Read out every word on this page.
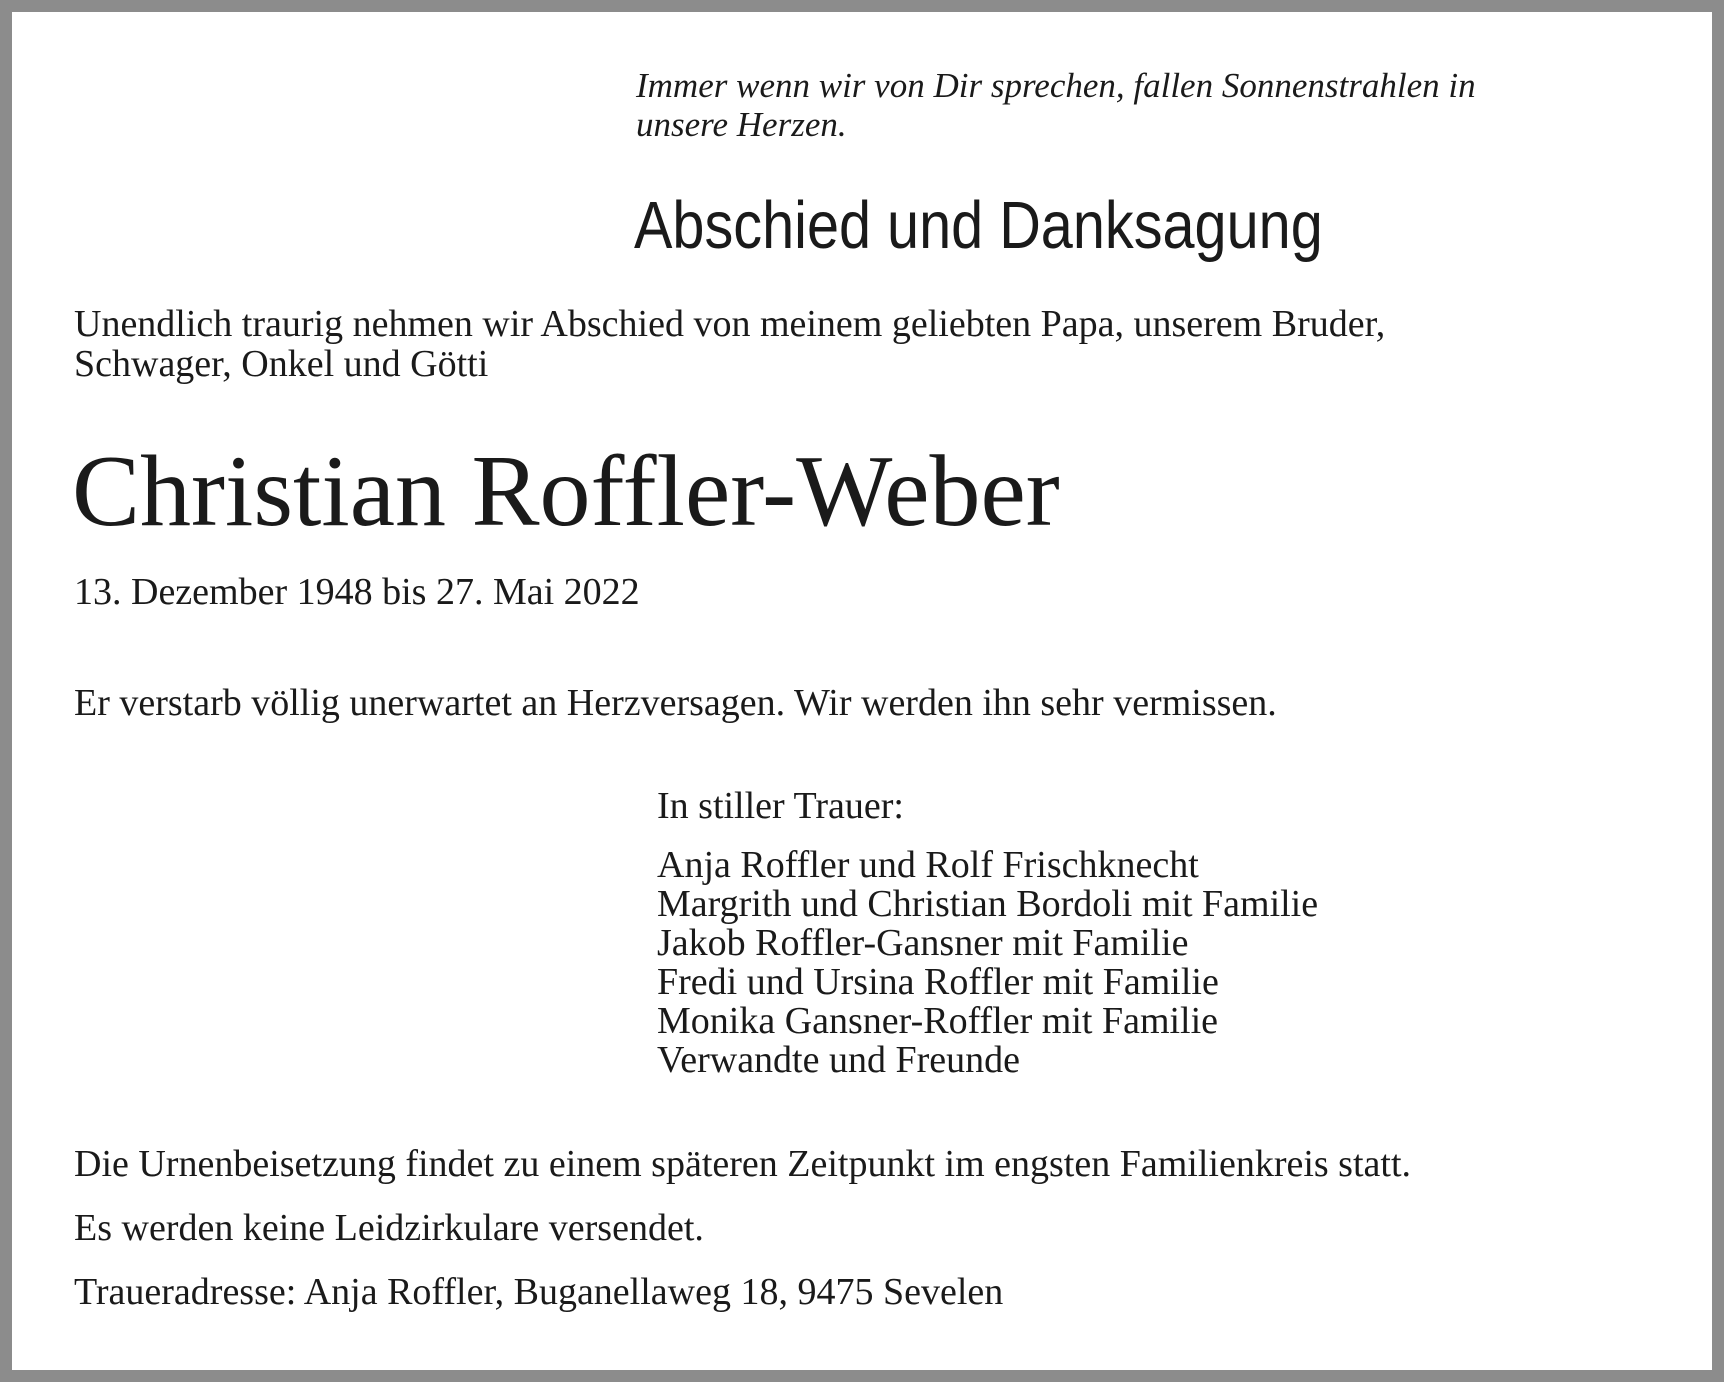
Immer wenn wir von Dir sprechen, fallen Sonnenstrahlen in
unsere Herzen.
Abschied und Danksagung
Unendlich traurig nehmen wir Abschied von meinem geliebten Papa, unserem Bruder,
Schwager, Onkel und Götti
Christian Roffler-Weber
13. Dezember 1948 bis 27. Mai 2022
Er verstarb völlig unerwartet an Herzversagen. Wir werden ihn sehr vermissen.
In stiller Trauer:
Anja Roffler und Rolf Frischknecht
Margrith und Christian Bordoli mit Familie
Jakob Roffler-Gansner mit Familie
Fredi und Ursina Roffler mit Familie
Monika Gansner-Roffler mit Familie
Verwandte und Freunde
Die Urnenbeisetzung findet zu einem späteren Zeitpunkt im engsten Familienkreis statt.
Es werden keine Leidzirkulare versendet.
Traueradresse: Anja Roffler, Buganellaweg 18, 9475 Sevelen
